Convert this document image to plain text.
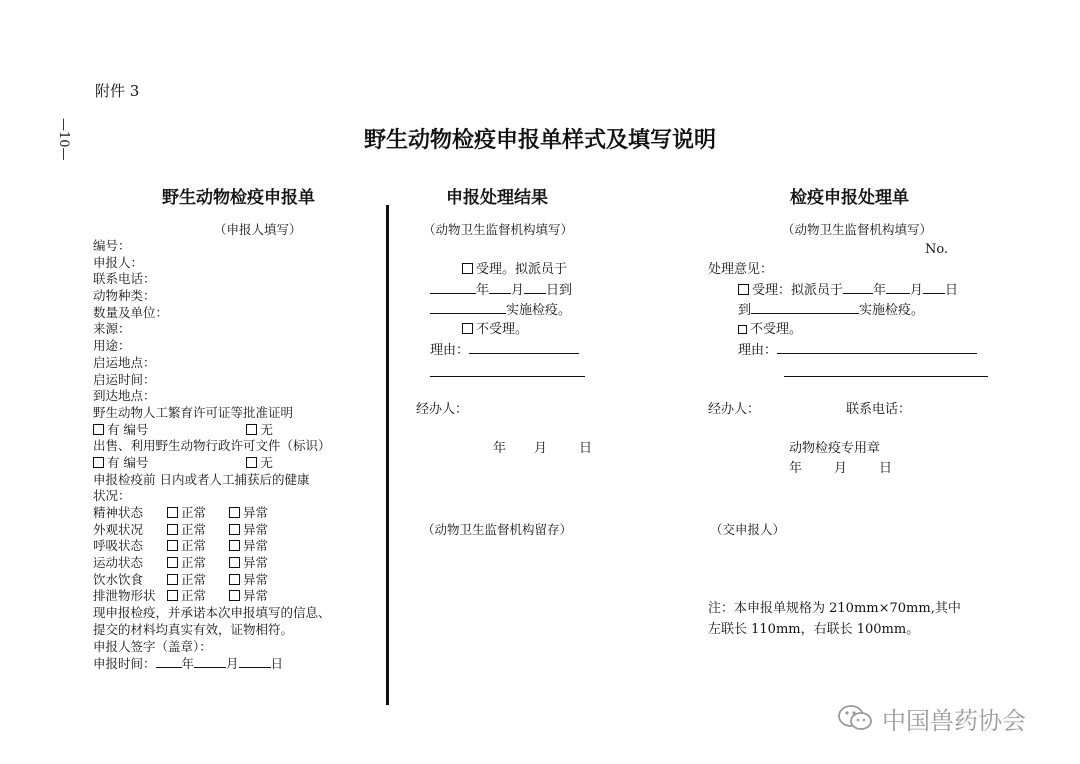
附件 3
—10—	野生动物检疫申报单样式及填写说明
野生动物检疫申报单
（申报人填写）
编号：
申报人：
联系电话：
动物种类：
数量及单位：
来源：
用途：
启运地点：
启运时间：
到达地点：
野生动物人工繁育许可证等批准证明
有 编号	无
出售、利用野生动物行政许可文件（标识）
有 编号	无
申报检疫前 日内或者人工捕获后的健康
状况：
精神状态	正常	异常
外观状况	正常	异常
呼吸状态	正常	异常
运动状态	正常	异常
饮水饮食	正常	异常
排泄物形状 正常	异常
现申报检疫，并承诺本次申报填写的信息、
提交的材料均真实有效，证物相符。
申报人签字（盖章）：
申报时间： 年	月	日
申报处理结果
（动物卫生监督机构填写）
受理。拟派员于
年 月 日到
实施检疫。
不受理。
理由：
经办人：
年 月 日
（动物卫生监督机构留存）
检疫申报处理单
（动物卫生监督机构填写）
No.
处理意见：
受理：拟派员于 年 月 日
到	实施检疫。
不受理。
理由：
经办人：	联系电话：
动物检疫专用章
年 月 日
（交申报人）
注：本申报单规格为 210mm×70mm,其中
左联长 110mm，右联长 100mm。
中国兽药协会
